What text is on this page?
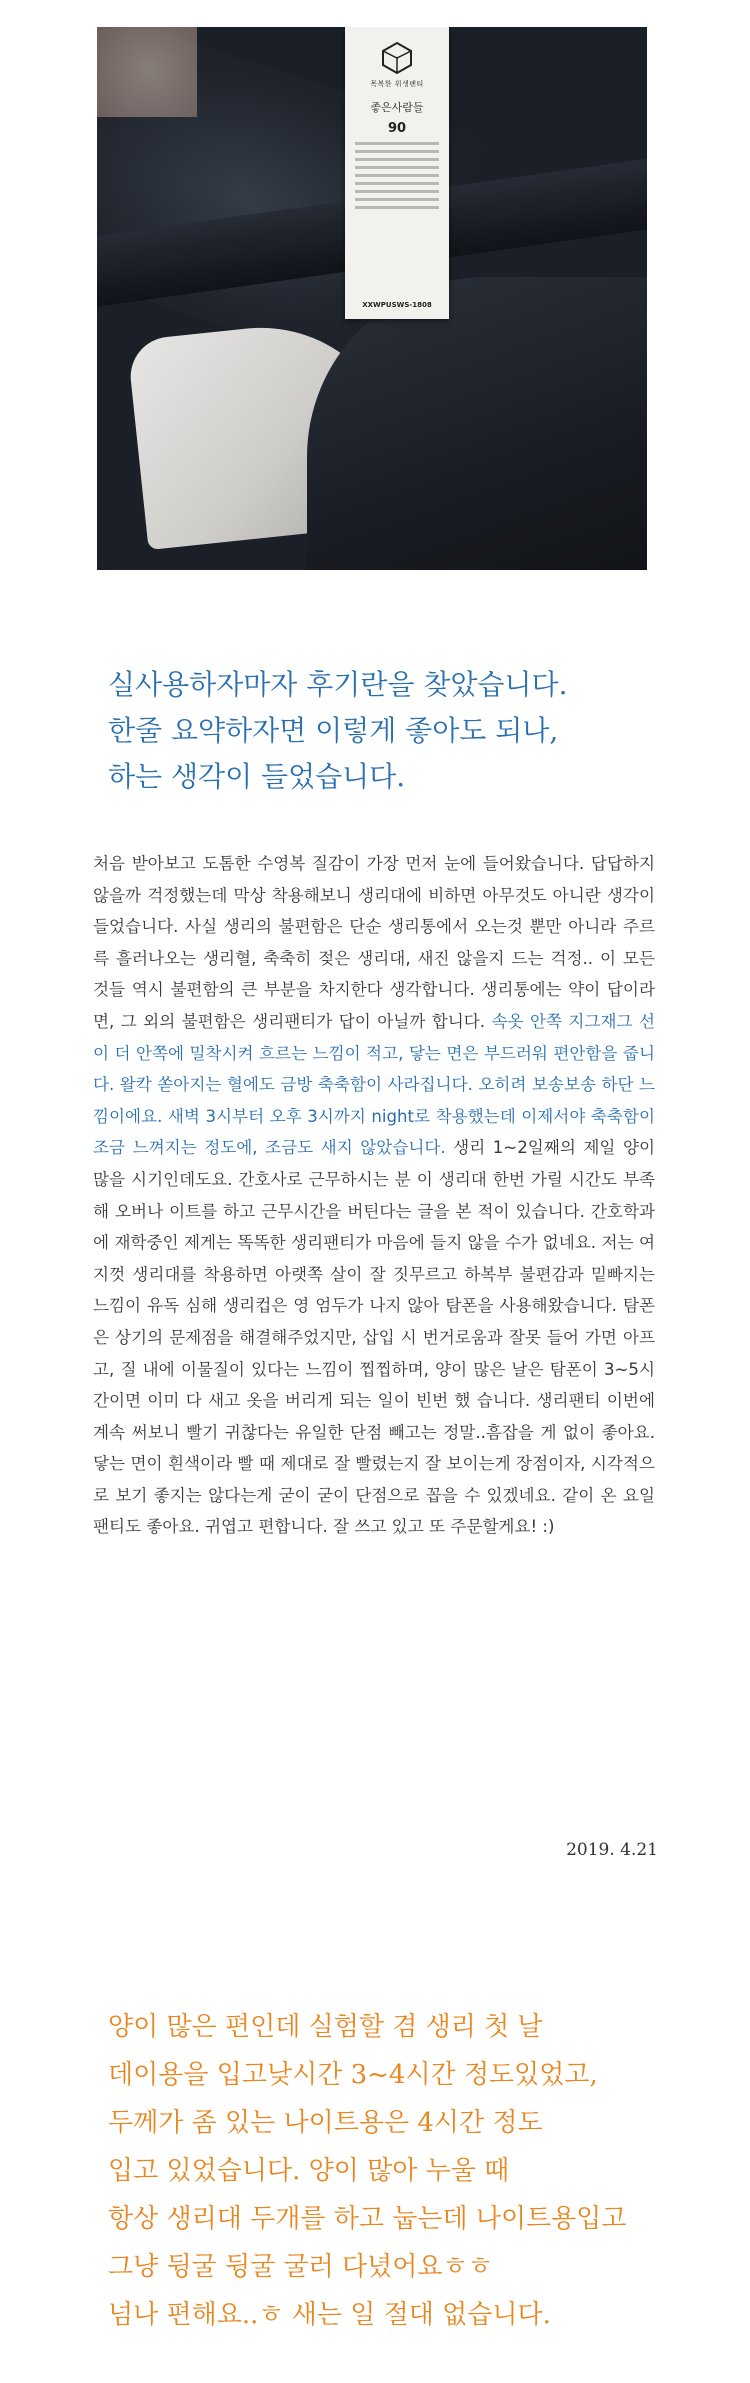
목복한 위생팬티
좋은사람들
90
XXWPUSWS-1808
실사용하자마자 후기란을 찾았습니다.
한줄 요약하자면 이렇게 좋아도 되나,
하는 생각이 들었습니다.
처음 받아보고 도톰한 수영복 질감이 가장 먼저 눈에 들어왔습니다. 답답하지 않을까 걱정했는데 막상 착용해보니 생리대에 비하면 아무것도 아니란 생각이 들었습니다. 사실 생리의 불편함은 단순 생리통에서 오는것 뿐만 아니라 주르륵 흘러나오는 생리혈, 축축히 젖은 생리대, 새진 않을지 드는 걱정.. 이 모든 것들 역시 불편함의 큰 부분을 차지한다 생각합니다. 생리통에는 약이 답이라면, 그 외의 불편함은 생리팬티가 답이 아닐까 합니다. 속옷 안쪽 지그재그 선이 더 안쪽에 밀착시켜 흐르는 느낌이 적고, 닿는 면은 부드러워 편안함을 줍니다. 왈칵 쏟아지는 혈에도 금방 축축함이 사라집니다. 오히려 보송보송 하단 느낌이에요. 새벽 3시부터 오후 3시까지 night로 착용했는데 이제서야 축축함이 조금 느껴지는 정도에, 조금도 새지 않았습니다. 생리 1~2일째의 제일 양이 많을 시기인데도요. 간호사로 근무하시는 분 이 생리대 한번 가릴 시간도 부족해 오버나 이트를 하고 근무시간을 버틴다는 글을 본 적이 있습니다. 간호학과에 재학중인 제게는 똑똑한 생리팬티가 마음에 들지 않을 수가 없네요. 저는 여지껏 생리대를 착용하면 아랫쪽 살이 잘 짓무르고 하복부 불편감과 밑빠지는 느낌이 유독 심해 생리컵은 영 엄두가 나지 않아 탐폰을 사용해왔습니다. 탐폰은 상기의 문제점을 해결해주었지만, 삽입 시 번거로움과 잘못 들어 가면 아프고, 질 내에 이물질이 있다는 느낌이 찝찝하며, 양이 많은 날은 탐폰이 3~5시간이면 이미 다 새고 옷을 버리게 되는 일이 빈번 했 습니다. 생리팬티 이번에 계속 써보니 빨기 귀찮다는 유일한 단점 빼고는 정말..흠잡을 게 없이 좋아요. 닿는 면이 흰색이라 빨 때 제대로 잘 빨렸는지 잘 보이는게 장점이자, 시각적으로 보기 좋지는 않다는게 굳이 굳이 단점으로 꼽을 수 있겠네요. 같이 온 요일팬티도 좋아요. 귀엽고 편합니다. 잘 쓰고 있고 또 주문할게요! :)
2019. 4.21
양이 많은 편인데 실험할 겸 생리 첫 날
데이용을 입고낮시간 3~4시간 정도있었고,
두께가 좀 있는 나이트용은 4시간 정도
입고 있었습니다. 양이 많아 누울 때
항상 생리대 두개를 하고 눕는데 나이트용입고
그냥 뒹굴 뒹굴 굴러 다녔어요ㅎㅎ
넘나 편해요..ㅎ 새는 일 절대 없습니다.
